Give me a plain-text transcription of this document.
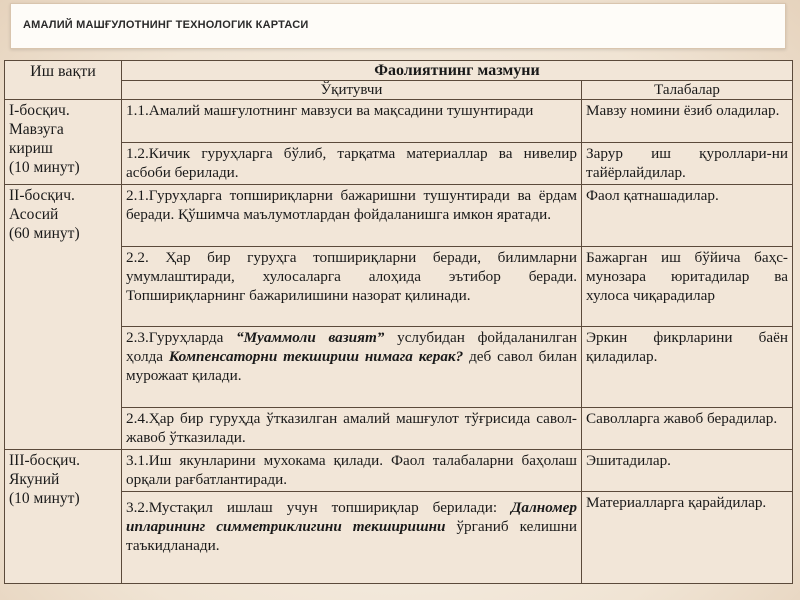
АМАЛИЙ МАШҒУЛОТНИНГ ТЕХНОЛОГИК КАРТАСИ
Иш вақти	Фаолиятнинг мазмуни	
	Ўқитувчи	Талабалар
I-босқич.
Мавзуга
кириш
(10 минут)	1.1.Амалий машғулотнинг мавзуси ва мақсадини тушунтиради	Мавзу номини ёзиб оладилар.
	1.2.Кичик гуруҳларга бўлиб, тарқатма материаллар ва нивелир асбоби берилади.	Зарур иш қуроллари-ни тайёрлайдилар.
II-босқич.
Асосий
(60 минут)	2.1.Гуруҳларга топшириқларни бажаришни тушунтиради ва ёрдам беради. Қўшимча маълумотлардан фойдаланишга имкон яратади.	Фаол қатнашадилар.
	2.2. Ҳар бир гуруҳга топшириқларни беради, билимларни умумлаштиради, хулосаларга алоҳида эътибор беради. Топшириқларнинг бажарилишини назорат қилинади.	Бажарган иш бўйича баҳс-мунозара юритадилар ва хулоса чиқарадилар
	2.3.Гуруҳларда “Муаммоли вазият” услубидан фойдаланилган ҳолда Компенсаторни текшириш нимага керак? деб савол билан мурожаат қилади.	Эркин фикрларини баён қиладилар.
	2.4.Ҳар бир гуруҳда ўтказилган амалий машғулот тўғрисида савол-жавоб ўтказилади.	Саволларга жавоб берадилар.
III-босқич.
Якуний
(10 минут)	3.1.Иш якунларини мухокама қилади. Фаол талабаларни баҳолаш орқали рағбатлантиради.	Эшитадилар.
	3.2.Мустақил ишлаш учун топшириқлар берилади: Далномер ипларининг симметриклигини текширишни ўрганиб келишни таъкидланади.	Материалларга қарайдилар.
